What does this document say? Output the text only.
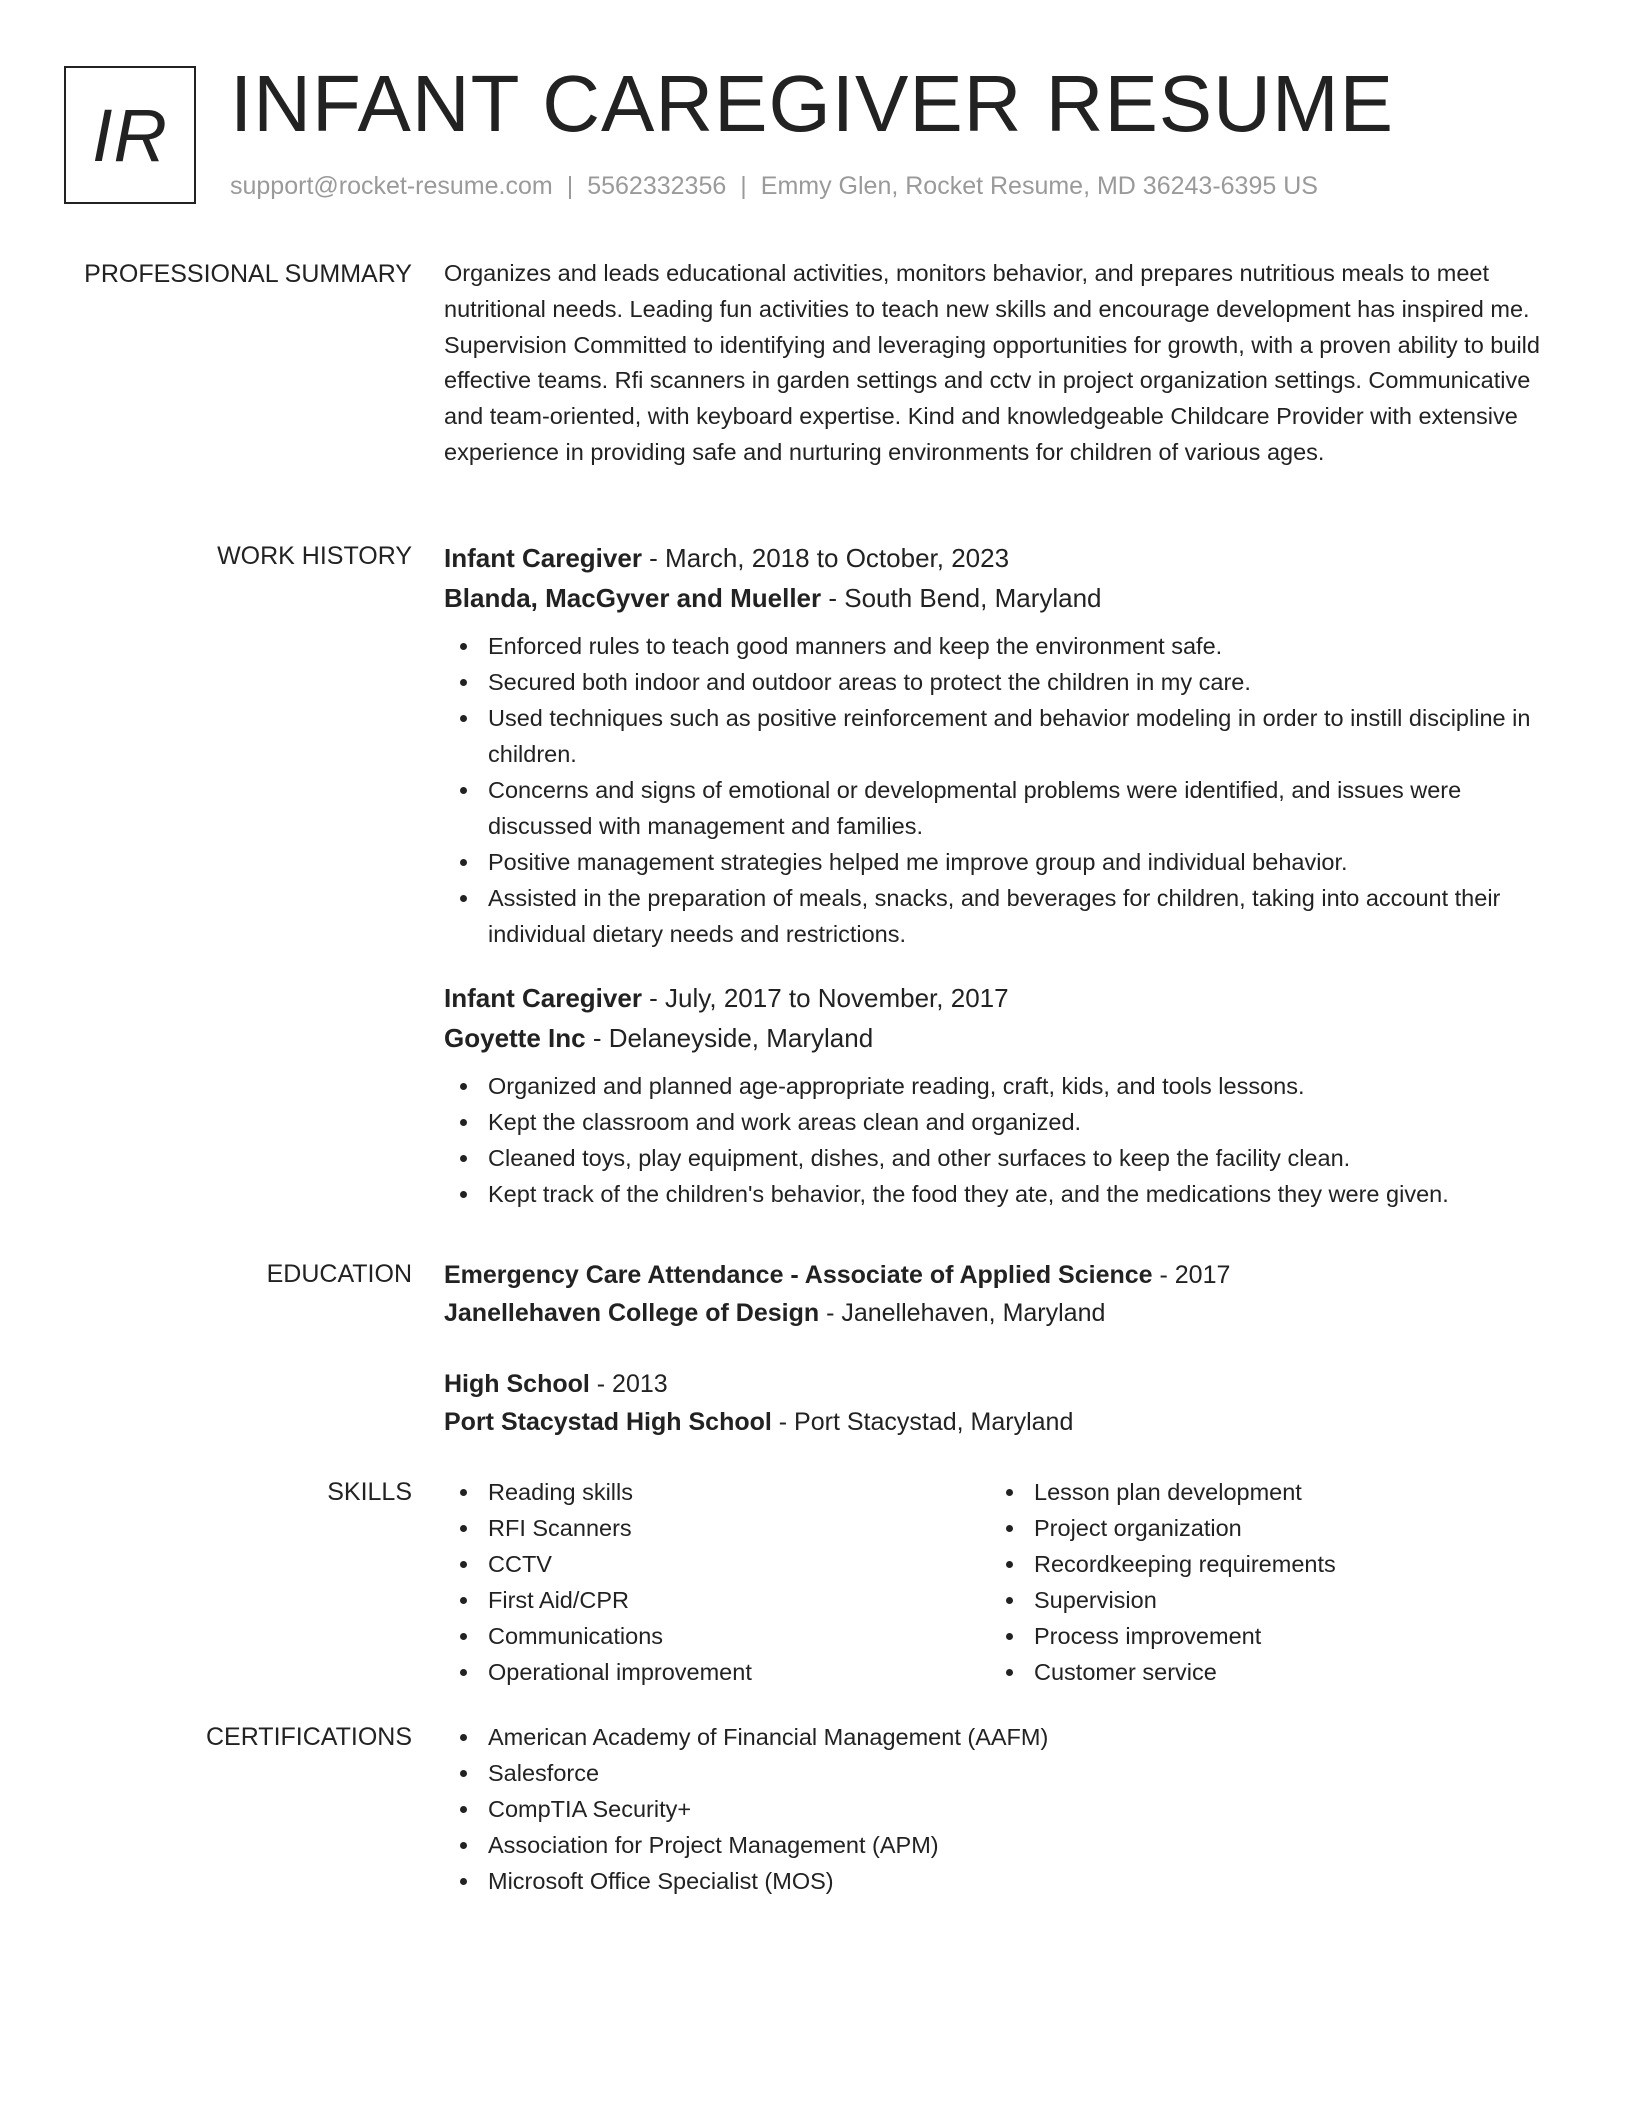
IR INFANT CAREGIVER RESUME
support@rocket-resume.com | 5562332356 | Emmy Glen, Rocket Resume, MD 36243-6395 US
PROFESSIONAL SUMMARY Organizes and leads educational activities, monitors behavior, and prepares nutritious meals to meet nutritional needs. Leading fun activities to teach new skills and encourage development has inspired me. Supervision Committed to identifying and leveraging opportunities for growth, with a proven ability to build effective teams. Rfi scanners in garden settings and cctv in project organization settings. Communicative and team-oriented, with keyboard expertise. Kind and knowledgeable Childcare Provider with extensive experience in providing safe and nurturing environments for children of various ages.

WORK HISTORY Infant Caregiver - March, 2018 to October, 2023
Blanda, MacGyver and Mueller - South Bend, Maryland
Enforced rules to teach good manners and keep the environment safe.
Secured both indoor and outdoor areas to protect the children in my care.
Used techniques such as positive reinforcement and behavior modeling in order to instill discipline in children.
Concerns and signs of emotional or developmental problems were identified, and issues were discussed with management and families.
Positive management strategies helped me improve group and individual behavior.
Assisted in the preparation of meals, snacks, and beverages for children, taking into account their individual dietary needs and restrictions.
Infant Caregiver - July, 2017 to November, 2017
Goyette Inc - Delaneyside, Maryland
Organized and planned age-appropriate reading, craft, kids, and tools lessons.
Kept the classroom and work areas clean and organized.
Cleaned toys, play equipment, dishes, and other surfaces to keep the facility clean.
Kept track of the children's behavior, the food they ate, and the medications they were given.
EDUCATION Emergency Care Attendance - Associate of Applied Science - 2017
Janellehaven College of Design - Janellehaven, Maryland
High School - 2013
Port Stacystad High School - Port Stacystad, Maryland
SKILLS	Reading skills
RFI Scanners
CCTV
First Aid/CPR
Communications
Operational improvement
Lesson plan development
Project organization
Recordkeeping requirements
Supervision
Process improvement
Customer service
CERTIFICATIONS	American Academy of Financial Management (AAFM)
Salesforce
CompTIA Security+
Association for Project Management (APM)
Microsoft Office Specialist (MOS)
